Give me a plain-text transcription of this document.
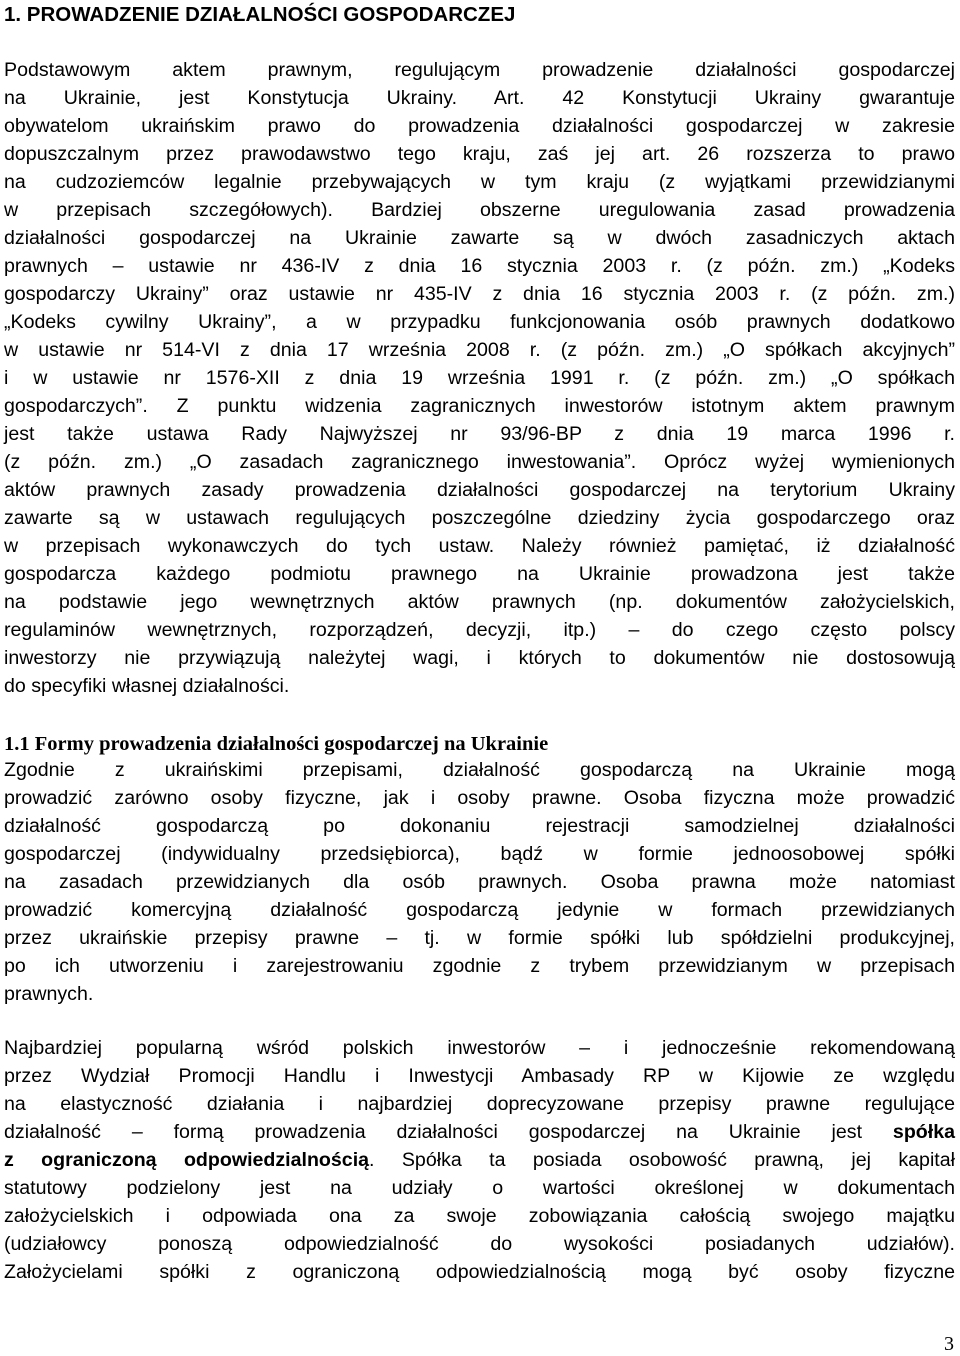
1. PROWADZENIE DZIAŁALNOŚCI GOSPODARCZEJ
Podstawowym aktem prawnym, regulującym prowadzenie działalności gospodarczej
na Ukrainie, jest Konstytucja Ukrainy. Art. 42 Konstytucji Ukrainy gwarantuje
obywatelom ukraińskim prawo do prowadzenia działalności gospodarczej w zakresie
dopuszczalnym przez prawodawstwo tego kraju, zaś jej art. 26 rozszerza to prawo
na cudzoziemców legalnie przebywających w tym kraju (z wyjątkami przewidzianymi
w przepisach szczegółowych). Bardziej obszerne uregulowania zasad prowadzenia
działalności gospodarczej na Ukrainie zawarte są w dwóch zasadniczych aktach
prawnych – ustawie nr 436-IV z dnia 16 stycznia 2003 r. (z późn. zm.) „Kodeks
gospodarczy Ukrainy” oraz ustawie nr 435-IV z dnia 16 stycznia 2003 r. (z późn. zm.)
„Kodeks cywilny Ukrainy”, a w przypadku funkcjonowania osób prawnych dodatkowo
w ustawie nr 514-VI z dnia 17 września 2008 r. (z późn. zm.) „O spółkach akcyjnych”
i w ustawie nr 1576-XII z dnia 19 września 1991 r. (z późn. zm.) „O spółkach
gospodarczych”. Z punktu widzenia zagranicznych inwestorów istotnym aktem prawnym
jest także ustawa Rady Najwyższej nr 93/96-BP z dnia 19 marca 1996 r.
(z późn. zm.) „O zasadach zagranicznego inwestowania”. Oprócz wyżej wymienionych
aktów prawnych zasady prowadzenia działalności gospodarczej na terytorium Ukrainy
zawarte są w ustawach regulujących poszczególne dziedziny życia gospodarczego oraz
w przepisach wykonawczych do tych ustaw. Należy również pamiętać, iż działalność
gospodarcza każdego podmiotu prawnego na Ukrainie prowadzona jest także
na podstawie jego wewnętrznych aktów prawnych (np. dokumentów założycielskich,
regulaminów wewnętrznych, rozporządzeń, decyzji, itp.) – do czego często polscy
inwestorzy nie przywiązują należytej wagi, i których to dokumentów nie dostosowują
do specyfiki własnej działalności.
1.1 Formy prowadzenia działalności gospodarczej na Ukrainie
Zgodnie z ukraińskimi przepisami, działalność gospodarczą na Ukrainie mogą
prowadzić zarówno osoby fizyczne, jak i osoby prawne. Osoba fizyczna może prowadzić
działalność gospodarczą po dokonaniu rejestracji samodzielnej działalności
gospodarczej (indywidualny przedsiębiorca), bądź w formie jednoosobowej spółki
na zasadach przewidzianych dla osób prawnych. Osoba prawna może natomiast
prowadzić komercyjną działalność gospodarczą jedynie w formach przewidzianych
przez ukraińskie przepisy prawne – tj. w formie spółki lub spółdzielni produkcyjnej,
po ich utworzeniu i zarejestrowaniu zgodnie z trybem przewidzianym w przepisach
prawnych.
Najbardziej popularną wśród polskich inwestorów – i jednocześnie rekomendowaną
przez Wydział Promocji Handlu i Inwestycji Ambasady RP w Kijowie ze względu
na elastyczność działania i najbardziej doprecyzowane przepisy prawne regulujące
działalność – formą prowadzenia działalności gospodarczej na Ukrainie jest spółka
z ograniczoną odpowiedzialnością. Spółka ta posiada osobowość prawną, jej kapitał
statutowy podzielony jest na udziały o wartości określonej w dokumentach
założycielskich i odpowiada ona za swoje zobowiązania całością swojego majątku
(udziałowcy ponoszą odpowiedzialność do wysokości posiadanych udziałów).
Założycielami spółki z ograniczoną odpowiedzialnością mogą być osoby fizyczne
3
